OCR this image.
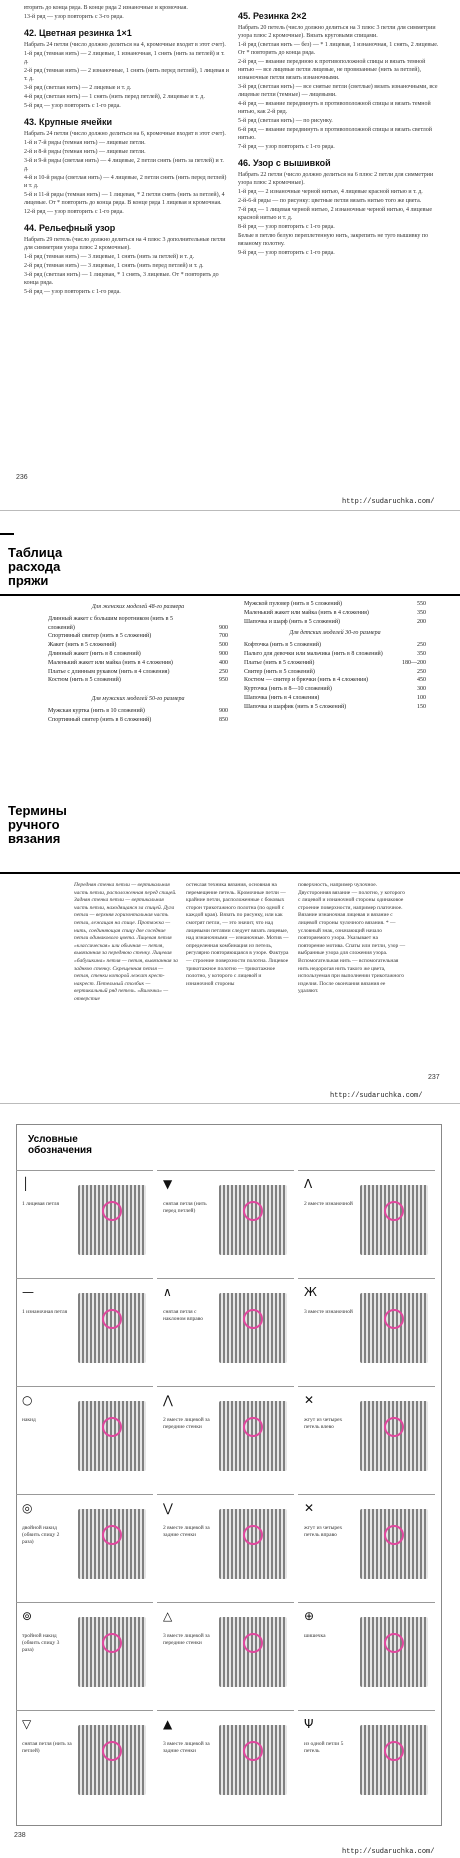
вторить до конца ряда. В конце ряда 2 изнаночные и кромочная.
13-й ряд — узор повторить с 3-го ряда.
42. Цветная резинка 1×1
Набрать 24 петли (число должно делиться на 4, кромочные входят в этот счет).
1-й ряд (темная нить) — 2 лицевые, 1 изнаночная, 1 снять (нить за петлей) и т. д.
2-й ряд (темная нить) — 2 изнаночные, 1 снять (нить перед петлей), 1 лицевая и т. д.
3-й ряд (светлая нить) — 2 лицевые и т. д.
4-й ряд (светлая нить) — 1 снять (нить перед петлей), 2 лицевые и т. д.
5-й ряд — узор повторить с 1-го ряда.
43. Крупные ячейки
Набрать 24 петли (число должно делиться на 6, кромочные входят в этот счет).
1-й и 7-й ряды (темная нить) — лицевые петли.
2-й и 8-й ряды (темная нить) — лицевые петли.
3-й и 9-й ряды (светлая нить) — 4 лицевые, 2 петли снять (нить за петлей) и т. д.
4-й и 10-й ряды (светлая нить) — 4 лицевые, 2 петли снять (нить перед петлей) и т. д.
5-й и 11-й ряды (темная нить) — 1 лицевая, * 2 петли снять (нить за петлей), 4 лицевые. От * повторить до конца ряда. В конце ряда 1 лицевая и кромочная.
12-й ряд — узор повторить с 1-го ряда.
44. Рельефный узор
Набрать 29 петель (число должно делиться на 4 плюс 3 дополнительные петли для симметрии узора плюс 2 кромочные).
1-й ряд (темная нить) — 3 лицевые, 1 снять (нить за петлей) и т. д.
2-й ряд (темная нить) — 3 лицевые, 1 снять (нить перед петлей) и т. д.
3-й ряд (светлая нить) — 1 лицевая, * 1 снять, 3 лицевые. От * повторить до конца ряда.
5-й ряд — узор повторить с 1-го ряда.
45. Резинка 2×2
Набрать 20 петель (число должно делиться на 3 плюс 3 петли для симметрии узора плюс 2 кромочные). Вязать круговыми спицами.
1-й ряд (светлая нить — без) — * 1 лицевая, 1 изнаночная, 1 снять, 2 лицевые. От * повторить до конца ряда.
2-й ряд — вязание переднюю к противоположной спицы и вязать темной нитью — все лицевые петли лицевые, не провязанные (нить за петлей), изнаночные петли вязать изнаночными.
3-й ряд (светлая нить) — все снятые петли (светлые) вязать изнаночными, все лицевые петли (темные) — лицевыми.
4-й ряд — вязание передвинуть в противоположной спицы и вязать темной нитью, как 2-й ряд.
5-й ряд (светлая нить) — по рисунку.
6-й ряд — вязание передвинуть в противоположной спицы и вязать светлой нитью.
7-й ряд — узор повторить с 1-го ряда.
46. Узор с вышивкой
Набрать 22 петли (число должно делиться на 6 плюс 2 петли для симметрии узора плюс 2 кромочные).
1-й ряд — 2 изнаночные черной нитью, 4 лицевые красной нитью и т. д.
2-й-6-й ряды — по рисунку: цветные петли вязать нитью того же цвета.
7-й ряд — 1 лицевая черной нитью, 2 изнаночные черной нитью, 4 лицевые красной нитью и т. д.
8-й ряд — узор повторить с 1-го ряда.
Белые в петлю белую переплетенную нить, закрепить не туго вышивку по вязаному полотну.
9-й ряд — узор повторить с 1-го ряда.
236
http://sudaruchka.com/
Таблица расхода пряжи
Для женских моделей 48-го размера
Длинный жакет с большим воротником (нить в 5 сложений)	900
Спортивный свитер (нить в 5 сложений)	700
Жакет (нить в 5 сложений)	500
Длинный жакет (нить в 8 сложений)	900
Маленький жакет или майка (нить в 4 сложения)	400
Платье с длинным рукавом (нить в 4 сложения)	250
Костюм (нить в 5 сложений)	950
Для мужских моделей 50-го размера
Мужская куртка (нить в 10 сложений)	900
Спортивный свитер (нить в 8 сложений)	850
Мужской пуловер (нить в 5 сложений)	550
Маленький жакет или майка (нить в 4 сложения)	350
Шапочка и шарф (нить в 5 сложений)	200
Для детских моделей 30-го размера
Кофточка (нить в 5 сложений)	250
Пальто для девочки или мальчика (нить в 8 сложений)	350
Платье (нить в 5 сложений)	180—200
Свитер (нить в 5 сложений)	250
Костюм — свитер и брючки (нить в 4 сложения)	450
Курточка (нить в 8—10 сложений)	300
Шапочка (нить в 4 сложения)	100
Шапочка и шарфик (нить в 5 сложений)	150
Термины ручного вязания
Передняя стенка петли — вертикальная часть петли, расположенная перед спицей. Задняя стенка петли — вертикальная часть петли, находящаяся за спицей. Дуга петли — верхняя горизонтальная часть петли, лежащая на спице. Протяжка — нить, соединяющая спицу две соседние петли одинакового цвета. Лицевая петля «классическая» или обычная — петля, вывязанная за переднюю стенку. Лицевая «бабушкина» петля — петля, вывязанная за заднюю стенку. Скрещенная петля — петля, стенки которой лежат крест-накрест. Петельный столбик — вертикальный ряд петель. «Вилочка» — отверстие
остеклая техника вязания, основная на перемещение петель. Кромочные петли — крайние петли, расположенные с боковых сторон трикотажного полотна (по одной с каждой края). Вязать по рисунку, или как смотрят петли, — это значит, что над лицевыми петлями следует вязать лицевые, над изнаночными — изнаночные. Мотив — определенная комбинация из петель, регулярно повторяющаяся в узоре. Фактура — строение поверхности полотна. Лицевое трикотажное полотно — трикотажное полотно, у которого с лицевой и изнаночной стороны
поверхность, например чулочное. Двусторонняя вязание — полотно, у которого с лицевой и изнаночной стороны одинаковое строение поверхности, например платочное. Вязание изнаночная лицевая и вязание с лицевой стороны чулочного вязания. * — условный знак, означающий начало повторяемого узора. Указывает на повторение мотива. Спаты или петли, узор — выбранные узора для сложения узора. Вспомогательная нить — вспомогательная нить недорогая нить такого же цвета, используемая при выполнении трикотажного изделия. После окончания вязания ее удаляют.
237
http://sudaruchka.com/
Условные обозначения
│
1 лицевая петля
—
1 изнаночная петля
○
накид
◎
двойной накид (обвить спицу 2 раза)
⊚
тройной накид (обвить спицу 3 раза)
▽
снятая петля (нить за петлей)
▼
снятая петля (нить перед петлей)
∧
снятая петля с наклоном вправо
⋀
2 вместе лицевой за передние стенки
⋁
2 вместе лицевой за задние стенки
△
3 вместе лицевой за передние стенки
▲
3 вместе лицевой за задние стенки
Ʌ
2 вместе изнаночной
Ж
3 вместе изнаночной
✕
жгут из четырех петель влево
✕
жгут из четырех петель вправо
⊕
шишечка
Ψ
из одной петли 5 петель
238
http://sudaruchka.com/
